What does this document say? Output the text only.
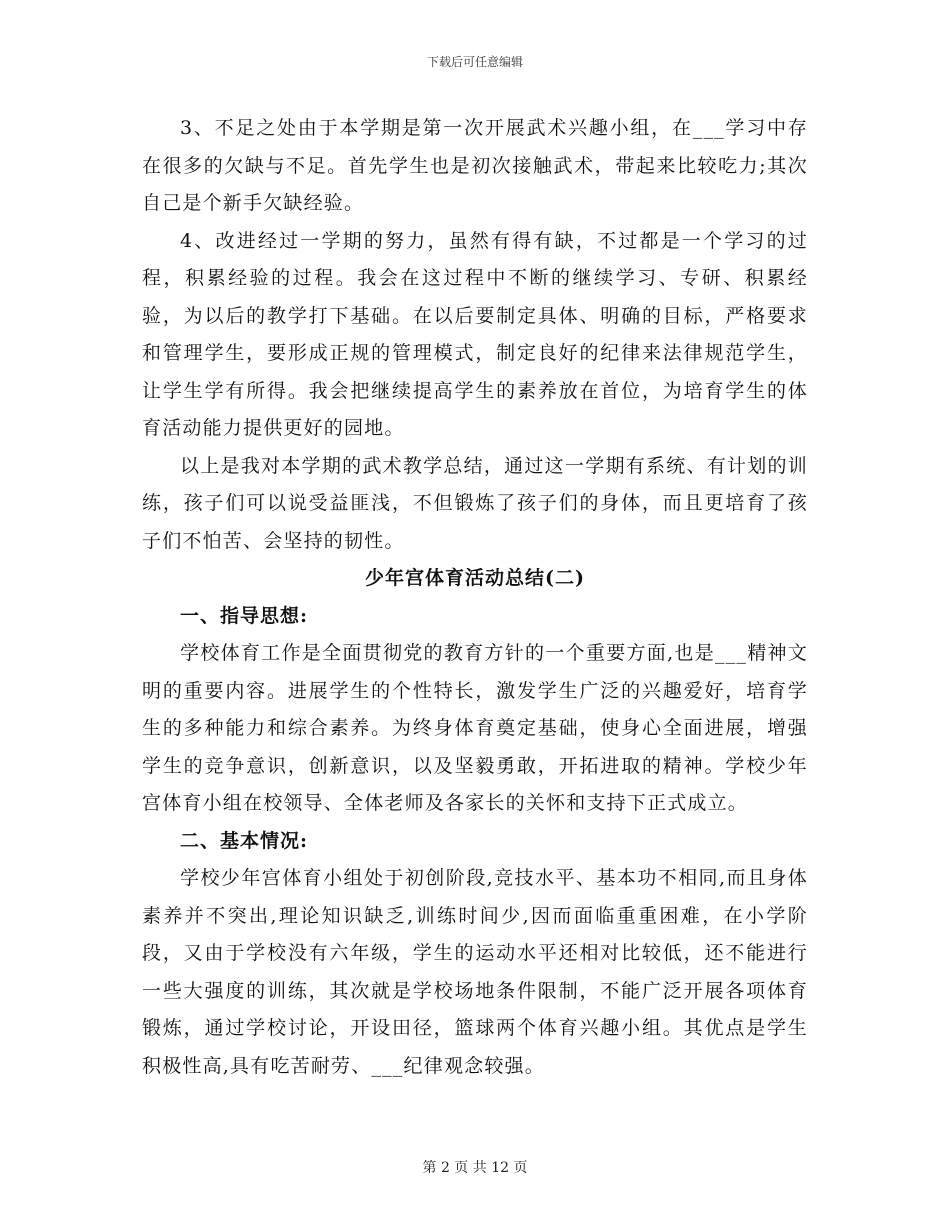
下载后可任意编辑

3、不足之处由于本学期是第一次开展武术兴趣小组，在___学习中存在很多的欠缺与不足。首先学生也是初次接触武术，带起来比较吃力;其次自己是个新手欠缺经验。

4、改进经过一学期的努力，虽然有得有缺，不过都是一个学习的过程，积累经验的过程。我会在这过程中不断的继续学习、专研、积累经验，为以后的教学打下基础。在以后要制定具体、明确的目标，严格要求和管理学生，要形成正规的管理模式，制定良好的纪律来法律规范学生，让学生学有所得。我会把继续提高学生的素养放在首位，为培育学生的体育活动能力提供更好的园地。

以上是我对本学期的武术教学总结，通过这一学期有系统、有计划的训练，孩子们可以说受益匪浅，不但锻炼了孩子们的身体，而且更培育了孩子们不怕苦、会坚持的韧性。

少年宫体育活动总结(二)

一、指导思想:

学校体育工作是全面贯彻党的教育方针的一个重要方面,也是___精神文明的重要内容。进展学生的个性特长，激发学生广泛的兴趣爱好，培育学生的多种能力和综合素养。为终身体育奠定基础，使身心全面进展，增强学生的竞争意识，创新意识，以及坚毅勇敢，开拓进取的精神。学校少年宫体育小组在校领导、全体老师及各家长的关怀和支持下正式成立。

二、基本情况:

学校少年宫体育小组处于初创阶段,竞技水平、基本功不相同,而且身体素养并不突出,理论知识缺乏,训练时间少,因而面临重重困难，在小学阶段，又由于学校没有六年级，学生的运动水平还相对比较低，还不能进行一些大强度的训练，其次就是学校场地条件限制，不能广泛开展各项体育锻炼，通过学校讨论，开设田径，篮球两个体育兴趣小组。其优点是学生积极性高,具有吃苦耐劳、___纪律观念较强。

第 2 页 共 12 页
